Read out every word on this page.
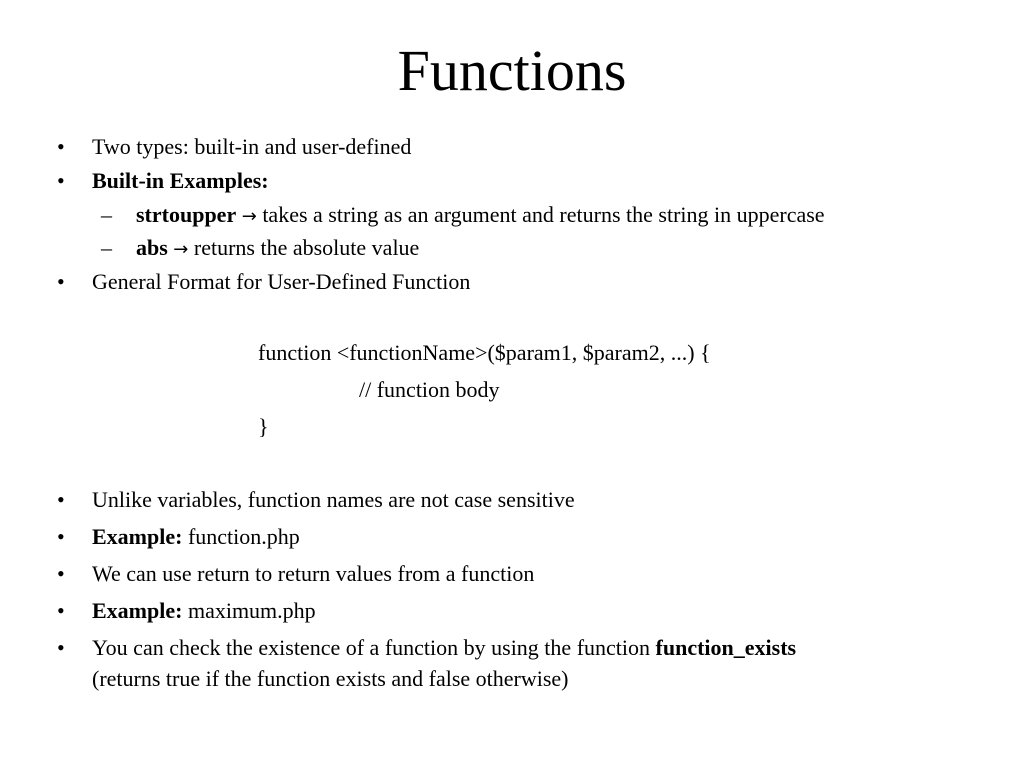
Functions
• Two types: built-in and user-defined
• Built-in Examples:
– strtoupper → takes a string as an argument and returns the string in uppercase
– abs → returns the absolute value
• General Format for User-Defined Function
function <functionName>($param1, $param2, ...) {
// function body
}
• Unlike variables, function names are not case sensitive
• Example: function.php
• We can use return to return values from a function
• Example: maximum.php
• You can check the existence of a function by using the function function_exists
(returns true if the function exists and false otherwise)
